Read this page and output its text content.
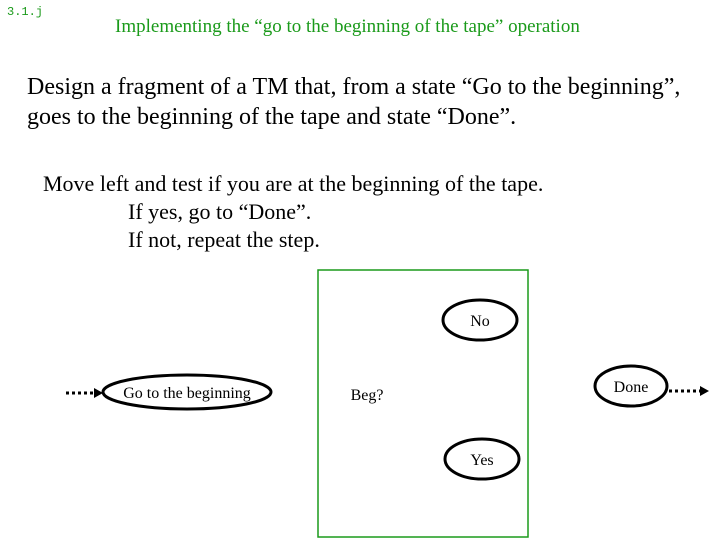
3.1.j
Implementing the “go to the beginning of the tape” operation

Design a fragment of a TM that, from a state “Go to the beginning”,

goes to the beginning of the tape and state “Done”.

Move left and test if you are at the beginning of the tape.
If yes, go to “Done”.
If not, repeat the step.
Go to the beginning	Beg?
No
Yes
Done
